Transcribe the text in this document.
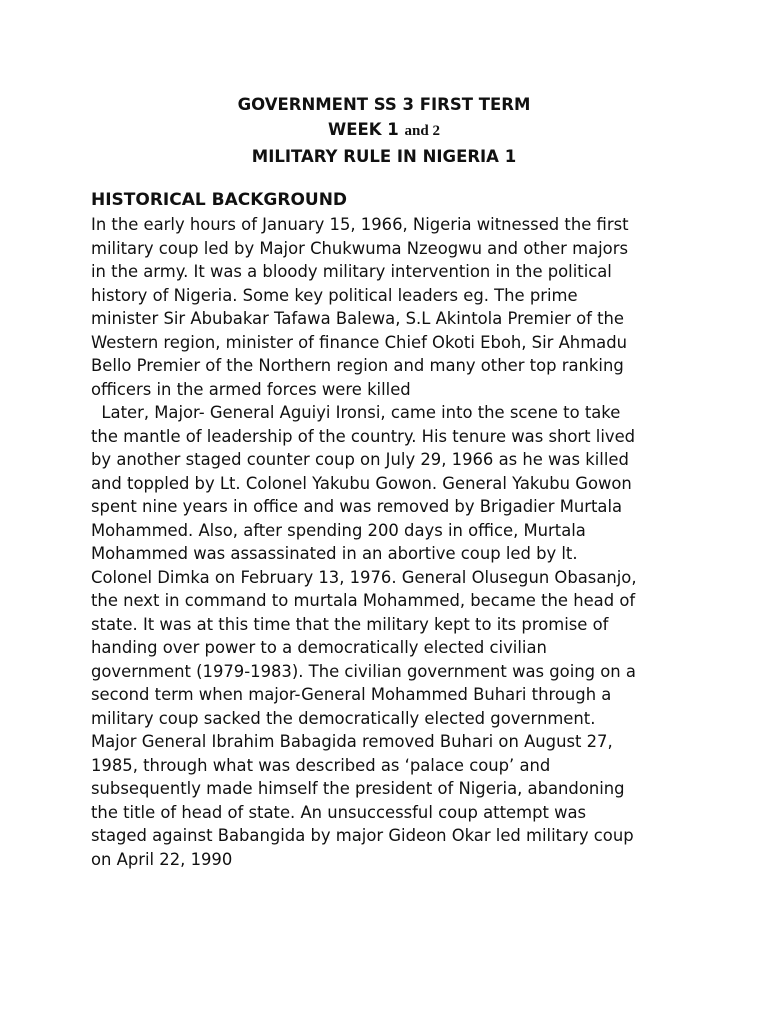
GOVERNMENT SS 3 FIRST TERM
WEEK 1 and 2
MILITARY RULE IN NIGERIA 1
HISTORICAL BACKGROUND
In the early hours of January 15, 1966, Nigeria witnessed the first
military coup led by Major Chukwuma Nzeogwu and other majors
in the army. It was a bloody military intervention in the political
history of Nigeria. Some key political leaders eg. The prime
minister Sir Abubakar Tafawa Balewa, S.L Akintola Premier of the
Western region, minister of finance Chief Okoti Eboh, Sir Ahmadu
Bello Premier of the Northern region and many other top ranking
officers in the armed forces were killed
Later, Major- General Aguiyi Ironsi, came into the scene to take
the mantle of leadership of the country. His tenure was short lived
by another staged counter coup on July 29, 1966 as he was killed
and toppled by Lt. Colonel Yakubu Gowon. General Yakubu Gowon
spent nine years in office and was removed by Brigadier Murtala
Mohammed. Also, after spending 200 days in office, Murtala
Mohammed was assassinated in an abortive coup led by lt.
Colonel Dimka on February 13, 1976. General Olusegun Obasanjo,
the next in command to murtala Mohammed, became the head of
state. It was at this time that the military kept to its promise of
handing over power to a democratically elected civilian
government (1979-1983). The civilian government was going on a
second term when major-General Mohammed Buhari through a
military coup sacked the democratically elected government.
Major General Ibrahim Babagida removed Buhari on August 27,
1985, through what was described as ‘palace coup’ and
subsequently made himself the president of Nigeria, abandoning
the title of head of state. An unsuccessful coup attempt was
staged against Babangida by major Gideon Okar led military coup
on April 22, 1990
